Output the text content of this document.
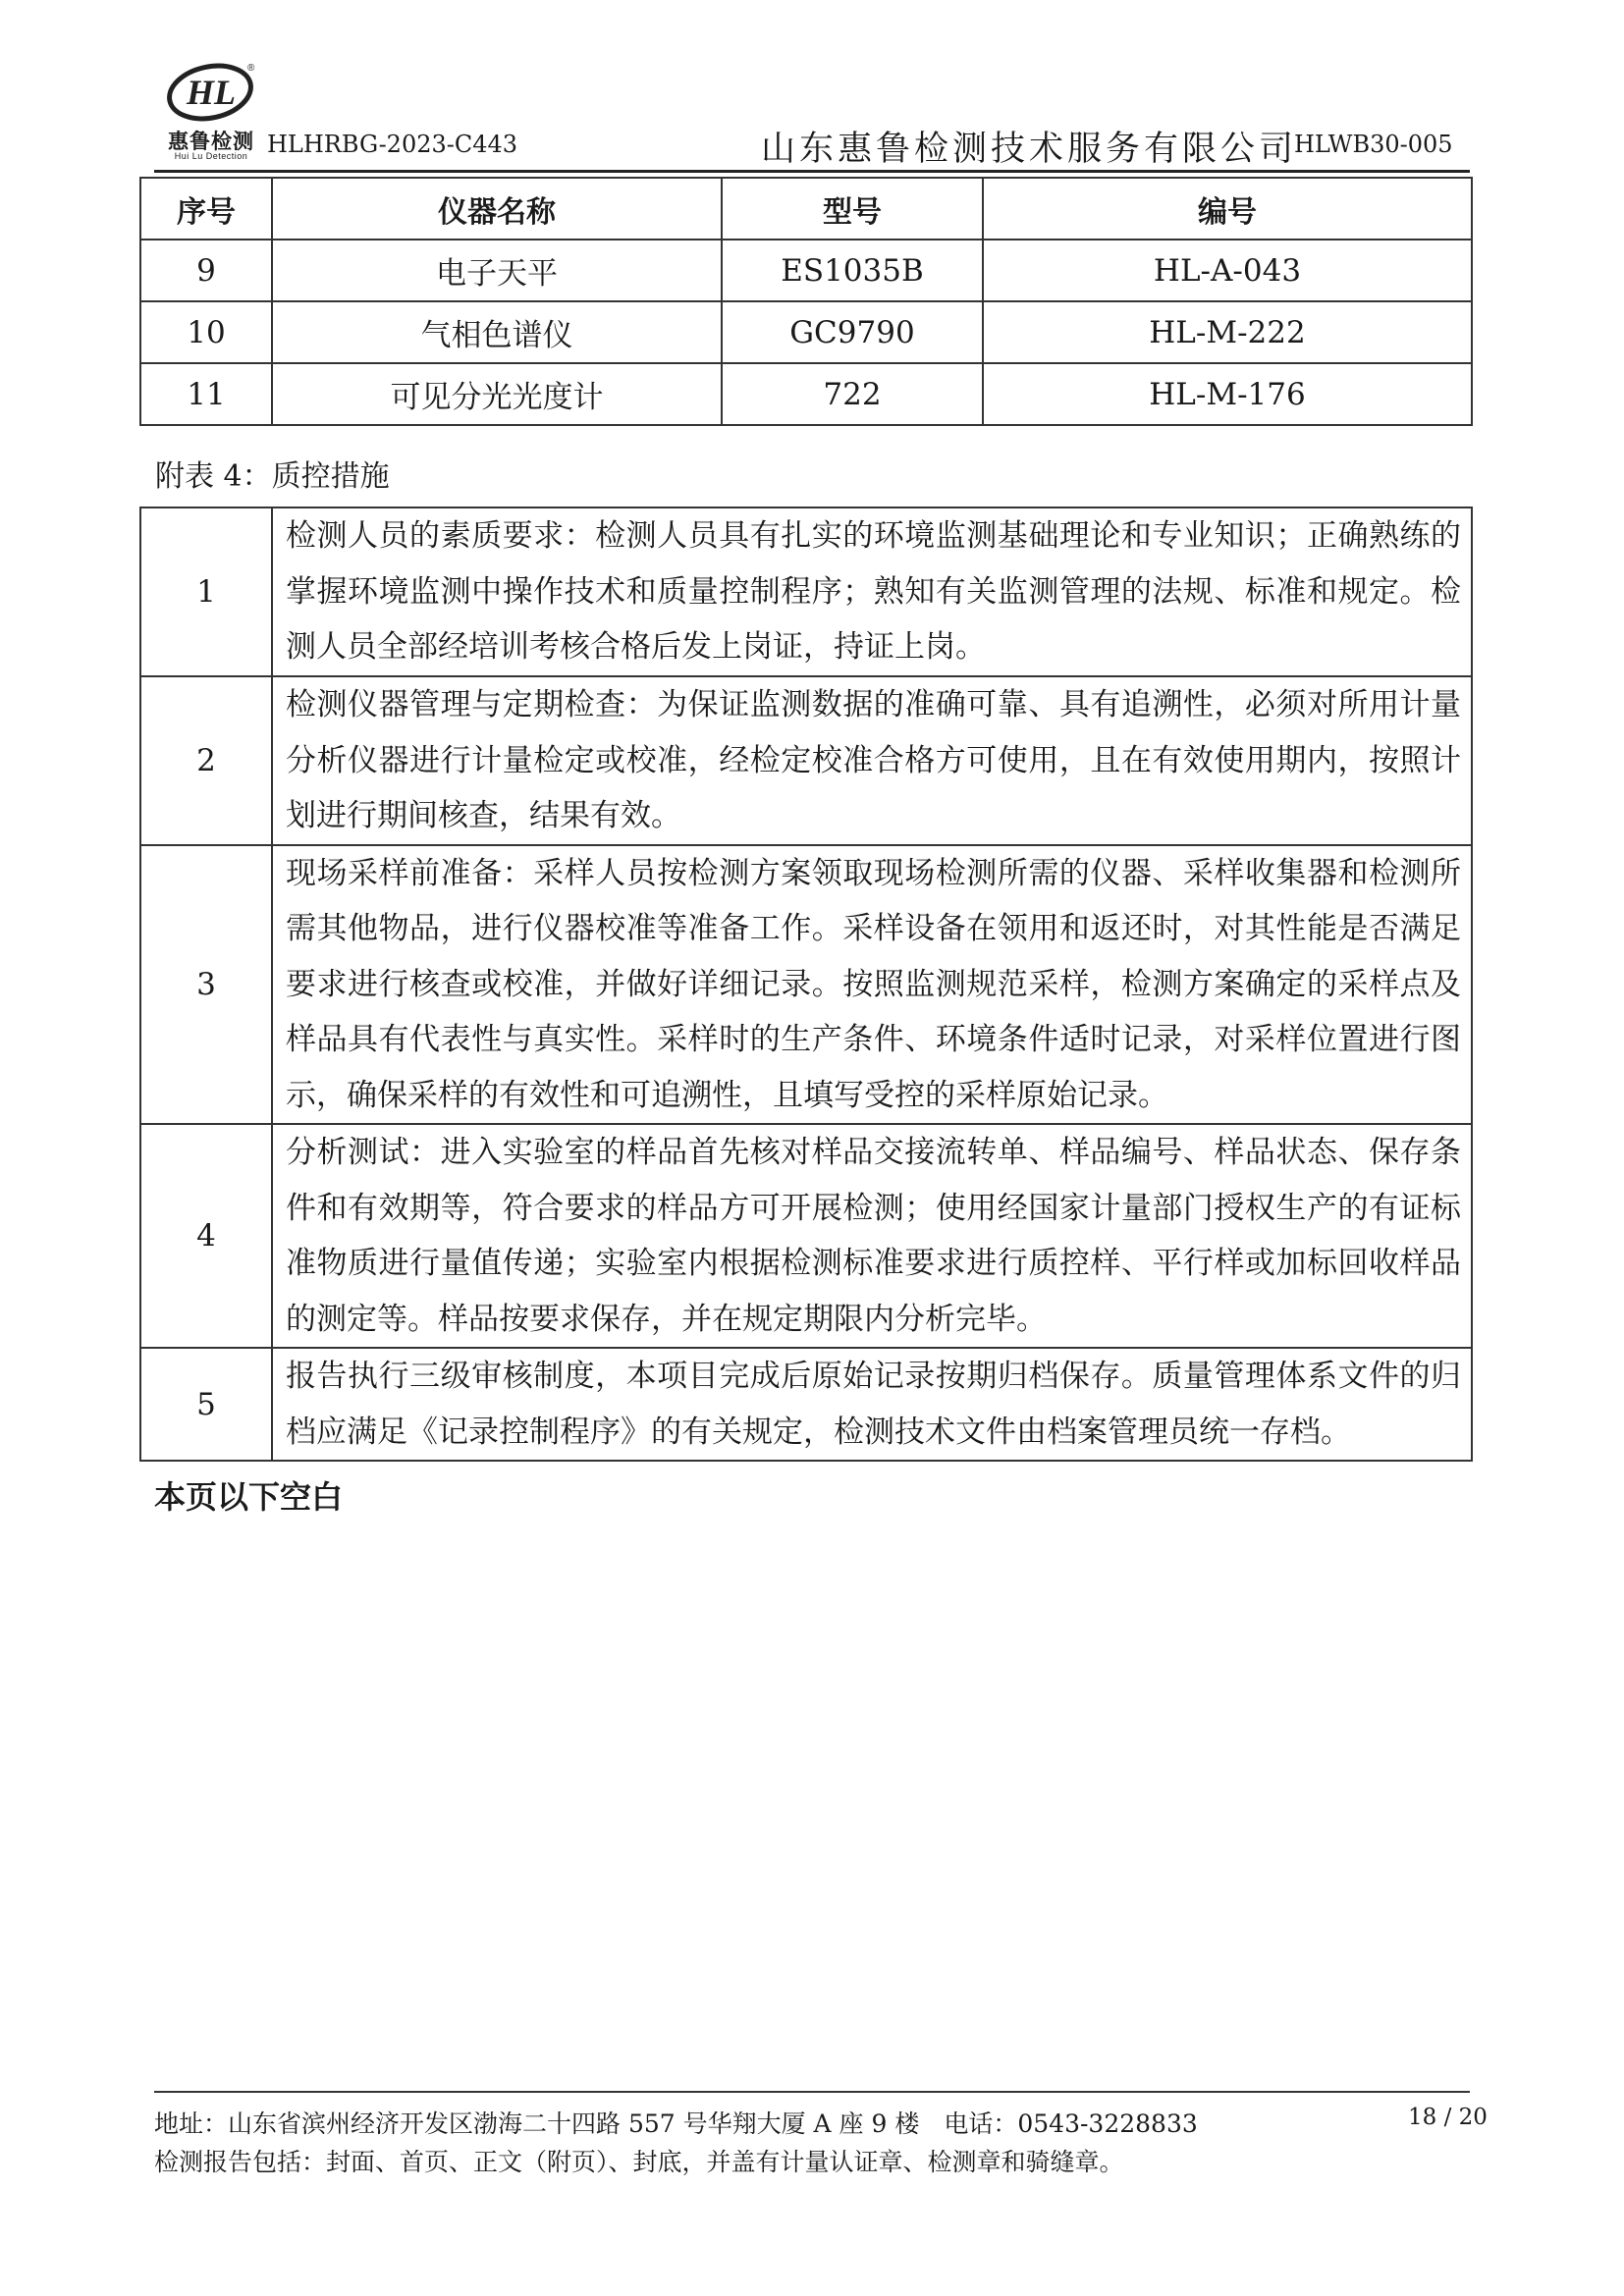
HL
®
惠鲁检测
Hui Lu Detection HLHRBG-2023-C443	山东惠鲁检测技术服务有限公司
HLWB30-005
序号	仪器名称	型号	编号
9	电子天平	ES1035B	HL-A-043
10	气相色谱仪	GC9790	HL-M-222
11	可见分光光度计	722	HL-M-176
附表 4：质控措施
1	检测人员的素质要求：检测人员具有扎实的环境监测基础理论和专业知识；正确熟练的掌握环境监测中操作技术和质量控制程序；熟知有关监测管理的法规、标准和规定。检测人员全部经培训考核合格后发上岗证，持证上岗。
2	检测仪器管理与定期检查：为保证监测数据的准确可靠、具有追溯性，必须对所用计量分析仪器进行计量检定或校准，经检定校准合格方可使用，且在有效使用期内，按照计划进行期间核查，结果有效。
3	现场采样前准备：采样人员按检测方案领取现场检测所需的仪器、采样收集器和检测所需其他物品，进行仪器校准等准备工作。采样设备在领用和返还时，对其性能是否满足要求进行核查或校准，并做好详细记录。按照监测规范采样，检测方案确定的采样点及样品具有代表性与真实性。采样时的生产条件、环境条件适时记录，对采样位置进行图示，确保采样的有效性和可追溯性，且填写受控的采样原始记录。
4	分析测试：进入实验室的样品首先核对样品交接流转单、样品编号、样品状态、保存条件和有效期等，符合要求的样品方可开展检测；使用经国家计量部门授权生产的有证标准物质进行量值传递；实验室内根据检测标准要求进行质控样、平行样或加标回收样品的测定等。样品按要求保存，并在规定期限内分析完毕。
5	报告执行三级审核制度，本项目完成后原始记录按期归档保存。质量管理体系文件的归档应满足《记录控制程序》的有关规定，检测技术文件由档案管理员统一存档。
本页以下空白
地址：山东省滨州经济开发区渤海二十四路 557 号华翔大厦 A 座 9 楼　电话：0543-3228833	18 / 20
检测报告包括：封面、首页、正文（附页）、封底，并盖有计量认证章、检测章和骑缝章。
